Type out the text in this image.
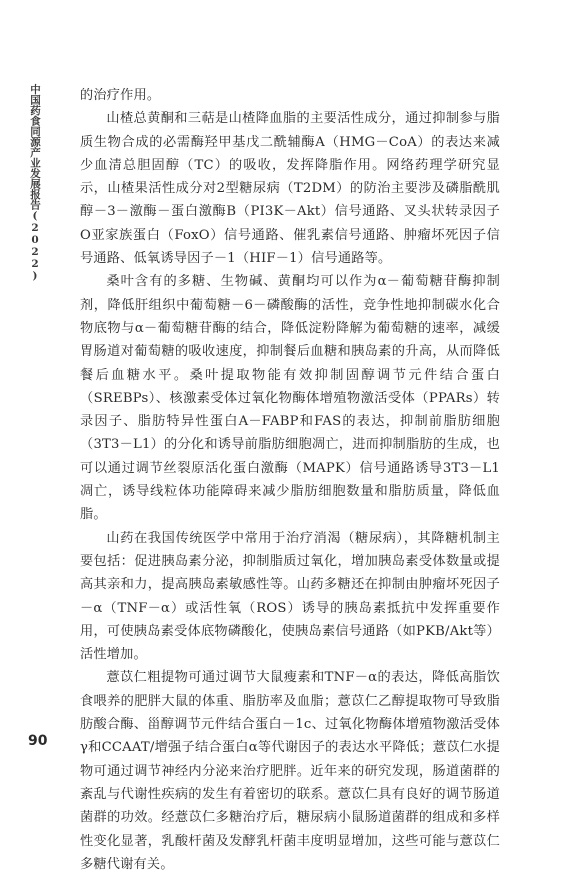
中国药食同源产业发展报告(2022)	的治疗作用。

山楂总黄酮和三萜是山楂降血脂的主要活性成分，通过抑制参与脂质生物合成的必需酶羟甲基戊二酰辅酶A（HMG－CoA）的表达来减少血清总胆固醇（TC）的吸收，发挥降脂作用。网络药理学研究显示，山楂果活性成分对2型糖尿病（T2DM）的防治主要涉及磷脂酰肌醇－3－激酶－蛋白激酶B（PI3K－Akt）信号通路、叉头状转录因子O亚家族蛋白（FoxO）信号通路、催乳素信号通路、肿瘤坏死因子信号通路、低氧诱导因子－1（HIF－1）信号通路等。

桑叶含有的多糖、生物碱、黄酮均可以作为α－葡萄糖苷酶抑制剂，降低肝组织中葡萄糖－6－磷酸酶的活性，竞争性地抑制碳水化合物底物与α－葡萄糖苷酶的结合，降低淀粉降解为葡萄糖的速率，减缓胃肠道对葡萄糖的吸收速度，抑制餐后血糖和胰岛素的升高，从而降低餐后血糖水平。桑叶提取物能有效抑制固醇调节元件结合蛋白（SREBPs）、核激素受体过氧化物酶体增殖物激活受体（PPARs）转录因子、脂肪特异性蛋白A－FABP和FAS的表达，抑制前脂肪细胞（3T3－L1）的分化和诱导前脂肪细胞凋亡，进而抑制脂肪的生成，也可以通过调节丝裂原活化蛋白激酶（MAPK）信号通路诱导3T3－L1凋亡，诱导线粒体功能障碍来减少脂肪细胞数量和脂肪质量，降低血脂。

山药在我国传统医学中常用于治疗消渴（糖尿病），其降糖机制主要包括：促进胰岛素分泌，抑制脂质过氧化，增加胰岛素受体数量或提高其亲和力，提高胰岛素敏感性等。山药多糖还在抑制由肿瘤坏死因子－α（TNF－α）或活性氧（ROS）诱导的胰岛素抵抗中发挥重要作用，可使胰岛素受体底物磷酸化，使胰岛素信号通路（如PKB/Akt等）活性增加。

薏苡仁粗提物可通过调节大鼠瘦素和TNF－α的表达，降低高脂饮食喂养的肥胖大鼠的体重、脂肪率及血脂；薏苡仁乙醇提取物可导致脂肪酸合酶、甾醇调节元件结合蛋白－1c、过氧化物酶体增殖物激活受体γ和CCAAT/增强子结合蛋白α等代谢因子的表达水平降低；薏苡仁水提物可通过调节神经内分泌来治疗肥胖。近年来的研究发现，肠道菌群的紊乱与代谢性疾病的发生有着密切的联系。薏苡仁具有良好的调节肠道菌群的功效。经薏苡仁多糖治疗后，糖尿病小鼠肠道菌群的组成和多样性变化显著，乳酸杆菌及发酵乳杆菌丰度明显增加，这些可能与薏苡仁多糖代谢有关。

90
